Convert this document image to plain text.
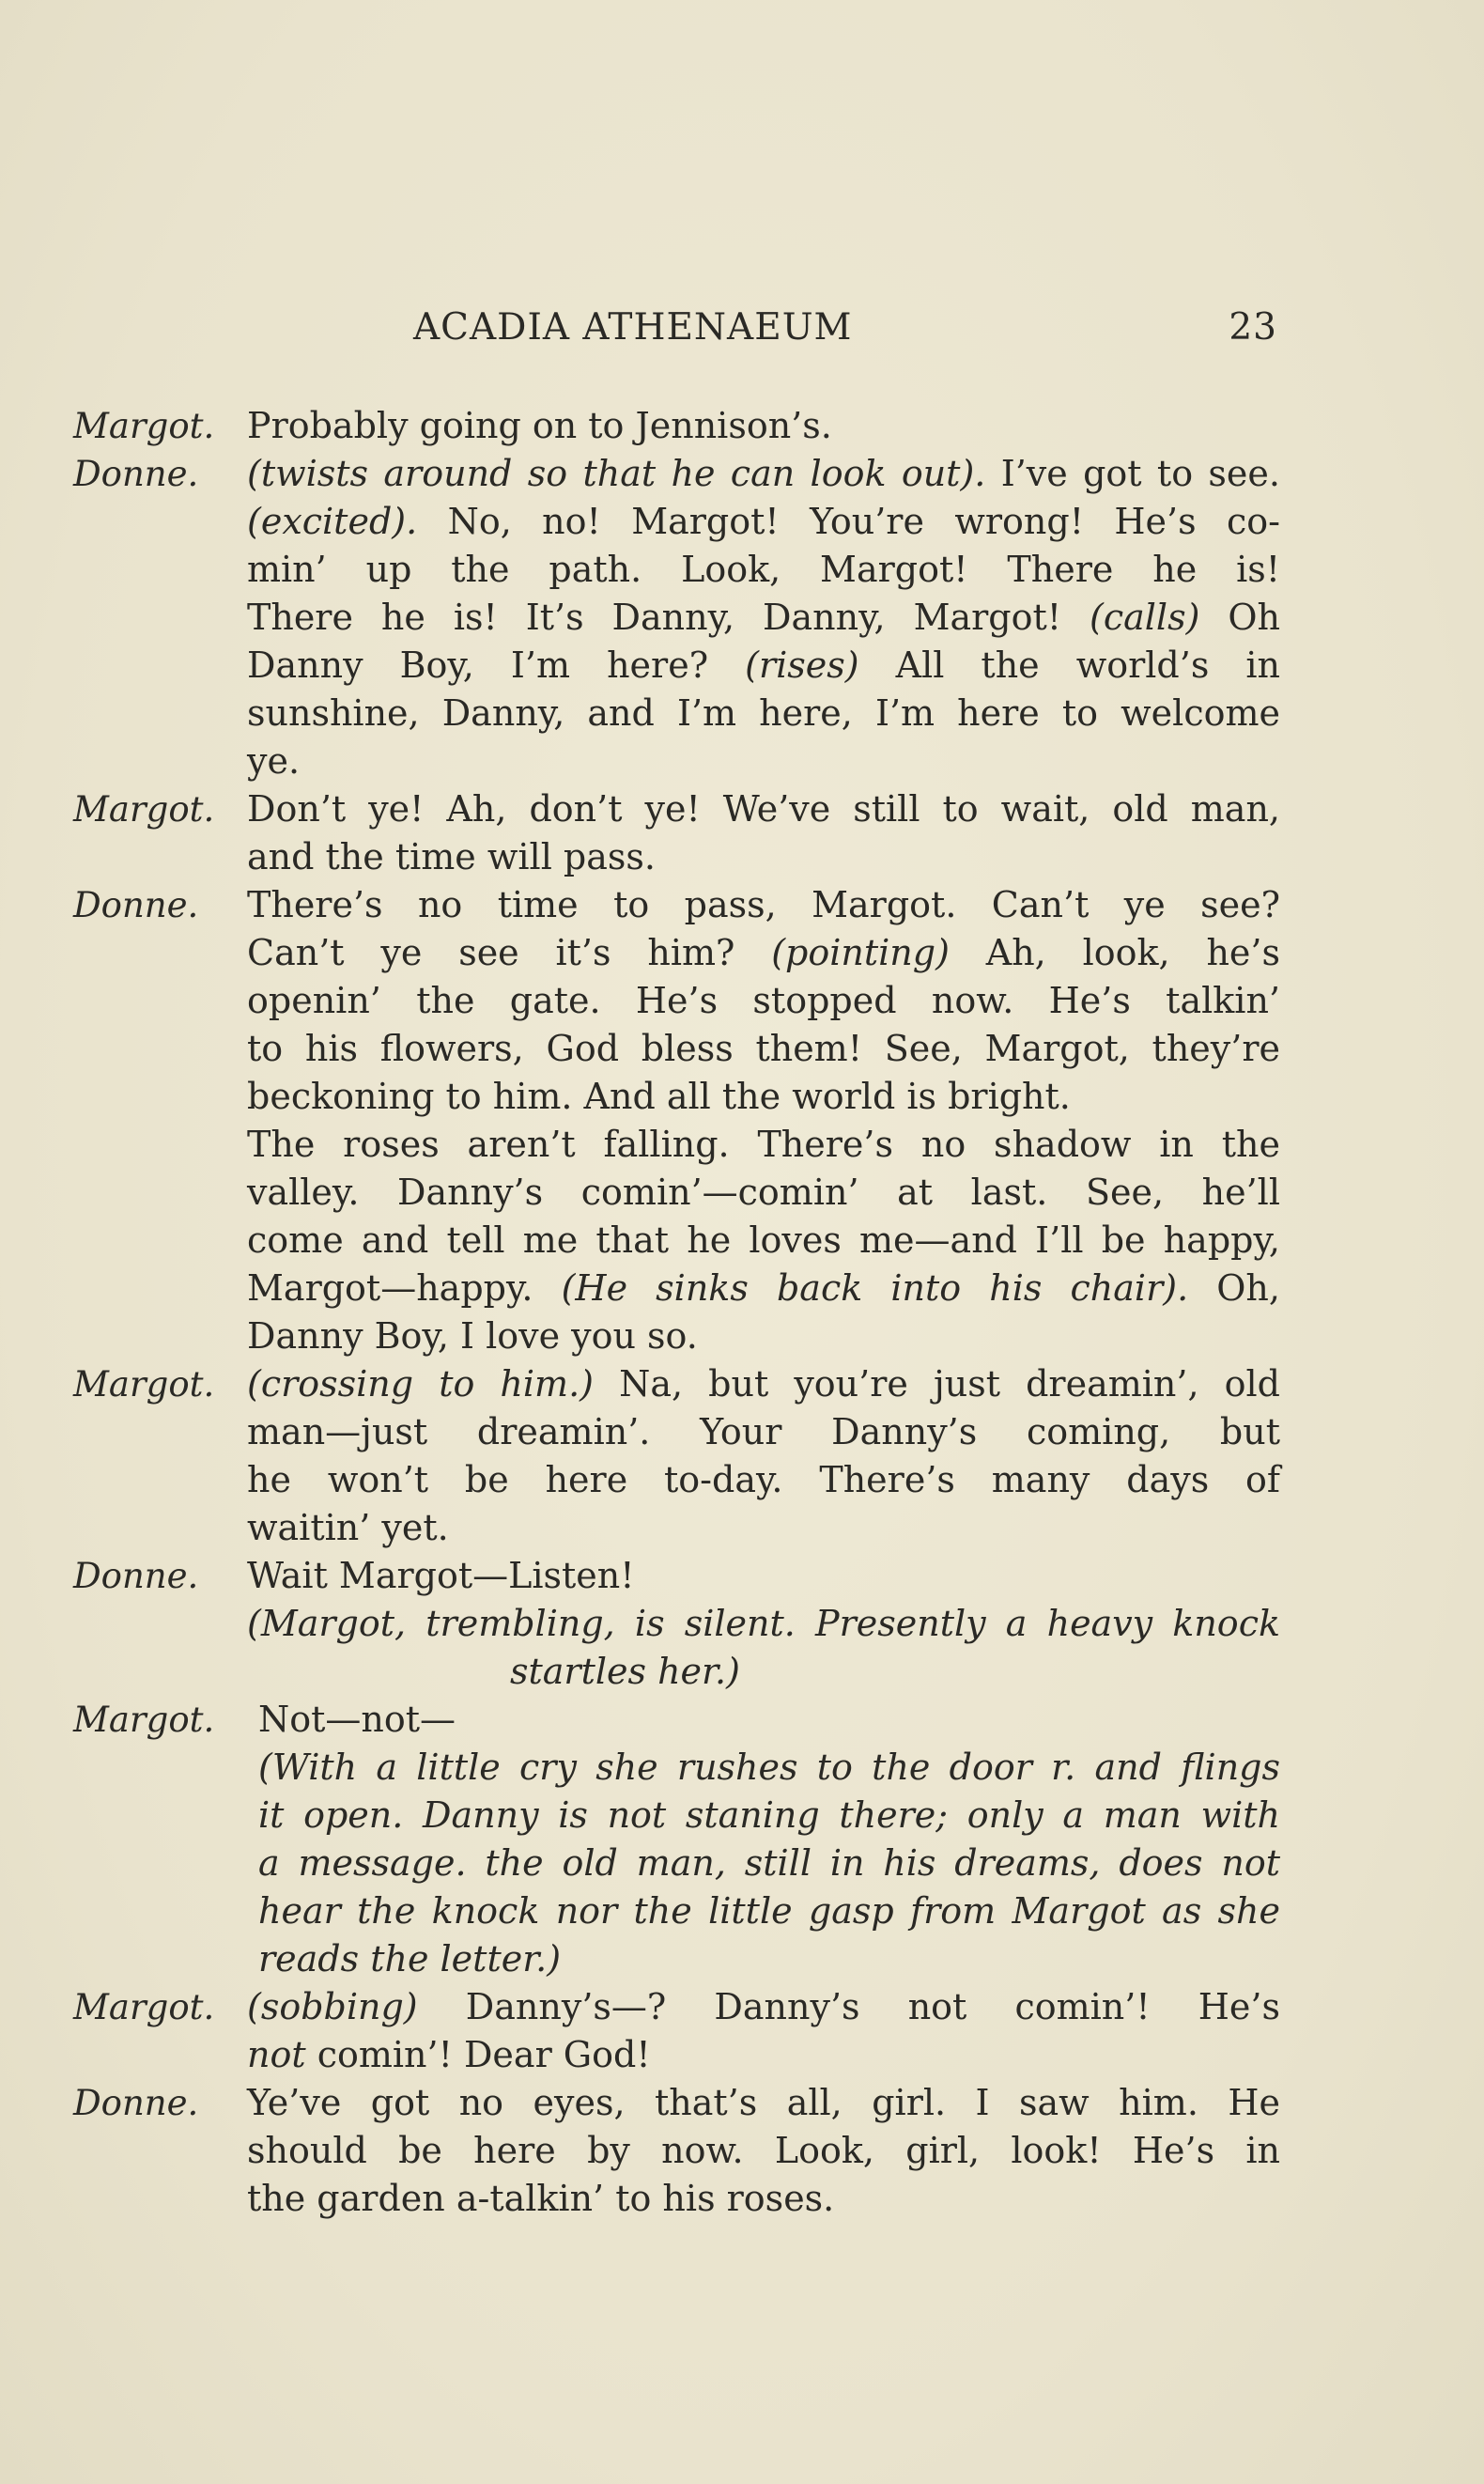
ACADIA ATHENAEUM	23
Margot. Probably going on to Jennison’s.
Donne.	(twists around so that he can look out). I’ve got to see.
(excited). No, no! Margot! You’re wrong! He’s co-
min’ up the path. Look, Margot! There he is!
There he is! It’s Danny, Danny, Margot! (calls) Oh
Danny Boy, I’m here? (rises) All the world’s in
sunshine, Danny, and I’m here, I’m here to welcome
ye.
Margot. Don’t ye! Ah, don’t ye! We’ve still to wait, old man,
and the time will pass.
Donne.	There’s no time to pass, Margot. Can’t ye see?
Can’t ye see it’s him? (pointing) Ah, look, he’s
openin’ the gate. He’s stopped now. He’s talkin’
to his flowers, God bless them! See, Margot, they’re
beckoning to him. And all the world is bright.
The roses aren’t falling. There’s no shadow in the
valley. Danny’s comin’—comin’ at last. See, he’ll
come and tell me that he loves me—and I’ll be happy,
Margot—happy. (He sinks back into his chair). Oh,
Danny Boy, I love you so.
Margot. (crossing to him.) Na, but you’re just dreamin’, old
man—just dreamin’. Your Danny’s coming, but
he won’t be here to-day. There’s many days of
waitin’ yet.
Donne.	Wait Margot—Listen!
(Margot, trembling, is silent. Presently a heavy knock
startles her.)
Margot.	Not—not—
(With a little cry she rushes to the door r. and flings
it open. Danny is not staning there; only a man with
a message. the old man, still in his dreams, does not
hear the knock nor the little gasp from Margot as she
reads the letter.)
Margot. (sobbing) Danny’s—? Danny’s not comin’! He’s
not comin’! Dear God!
Donne.	Ye’ve got no eyes, that’s all, girl. I saw him. He
should be here by now. Look, girl, look! He’s in
the garden a-talkin’ to his roses.
